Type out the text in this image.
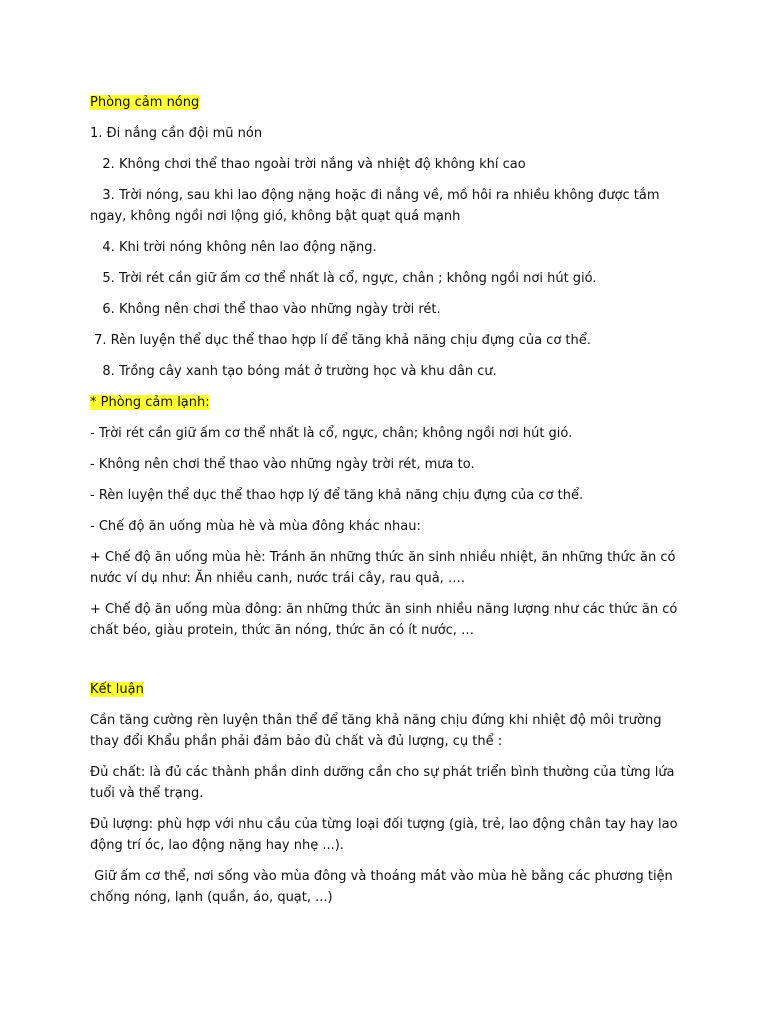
Phòng cảm nóng

1. Đi nắng cần đội mũ nón

2. Không chơi thể thao ngoài trời nắng và nhiệt độ không khí cao

3. Trời nóng, sau khi lao động nặng hoặc đi nắng về, mồ hôi ra nhiều không được tắm ngay, không ngồi nơi lộng gió, không bật quạt quá mạnh

4. Khi trời nóng không nên lao động nặng.

5. Trời rét cần giữ ấm cơ thể nhất là cổ, ngực, chân ; không ngồi nơi hút gió.

6. Không nên chơi thể thao vào những ngày trời rét.

7. Rèn luyện thể dục thể thao hợp lí để tăng khả năng chịu đựng của cơ thể.

8. Trồng cây xanh tạo bóng mát ở trường học và khu dân cư.

* Phòng cảm lạnh:

- Trời rét cần giữ ấm cơ thể nhất là cổ, ngực, chân; không ngồi nơi hút gió.

- Không nên chơi thể thao vào những ngày trời rét, mưa to.

- Rèn luyện thể dục thể thao hợp lý để tăng khả năng chịu đựng của cơ thể.

- Chế độ ăn uống mùa hè và mùa đông khác nhau:

+ Chế độ ăn uống mùa hè: Tránh ăn những thức ăn sinh nhiều nhiệt, ăn những thức ăn có nước ví dụ như: Ăn nhiều canh, nước trái cây, rau quả, ….

+ Chế độ ăn uống mùa đông: ăn những thức ăn sinh nhiều năng lượng như các thức ăn có chất béo, giàu protein, thức ăn nóng, thức ăn có ít nước, …

Kết luận

Cần tăng cường rèn luyện thân thể để tăng khả năng chịu đứng khi nhiệt độ môi trường thay đổi Khẩu phần phải đảm bảo đủ chất và đủ lượng, cụ thể :

Đủ chất: là đủ các thành phần dinh dưỡng cần cho sự phát triển bình thường của từng lứa tuổi và thể trạng.

Đủ lượng: phù hợp với nhu cầu của từng loại đối tượng (già, trẻ, lao động chân tay hay lao động trí óc, lao động nặng hay nhẹ ...).

Giữ ấm cơ thể, nơi sống vào mùa đông và thoáng mát vào mùa hè bằng các phương tiện chống nóng, lạnh (quần, áo, quạt, ...)
